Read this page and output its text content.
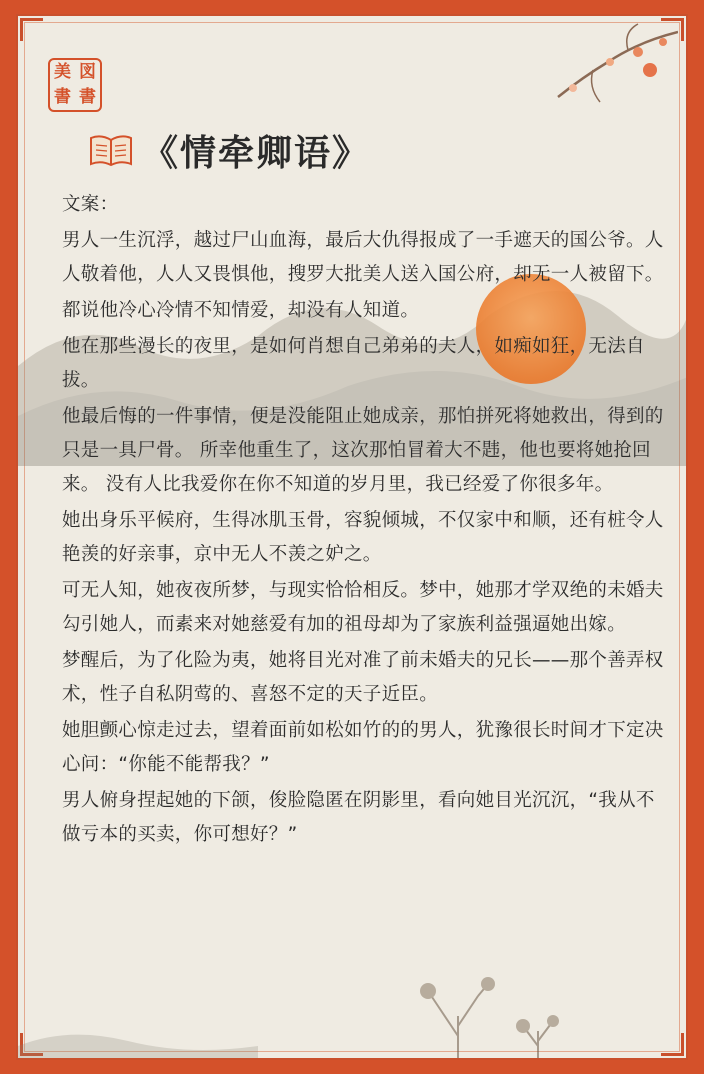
美 図
書 書
《情牵卿语》

文案：

男人一生沉浮，越过尸山血海，最后大仇得报成了一手遮天的国公爷。人人敬着他，人人又畏惧他，搜罗大批美人送入国公府，却无一人被留下。

都说他冷心冷情不知情爱，却没有人知道。

他在那些漫长的夜里，是如何肖想自己弟弟的夫人，如痴如狂，无法自拔。

他最后悔的一件事情，便是没能阻止她成亲，那怕拼死将她救出，得到的只是一具尸骨。 所幸他重生了，这次那怕冒着大不韪，他也要将她抢回来。 没有人比我爱你在你不知道的岁月里，我已经爱了你很多年。

她出身乐平候府，生得冰肌玉骨，容貌倾城，不仅家中和顺，还有桩令人艳羡的好亲事，京中无人不羡之妒之。

可无人知，她夜夜所梦，与现实恰恰相反。梦中，她那才学双绝的未婚夫勾引她人，而素来对她慈爱有加的祖母却为了家族利益强逼她出嫁。

梦醒后，为了化险为夷，她将目光对准了前未婚夫的兄长——那个善弄权术，性子自私阴莺的、喜怒不定的天子近臣。

她胆颤心惊走过去，望着面前如松如竹的的男人，犹豫很长时间才下定决心问：“你能不能帮我？”

男人俯身捏起她的下颌，俊脸隐匿在阴影里，看向她目光沉沉，“我从不做亏本的买卖，你可想好？”
